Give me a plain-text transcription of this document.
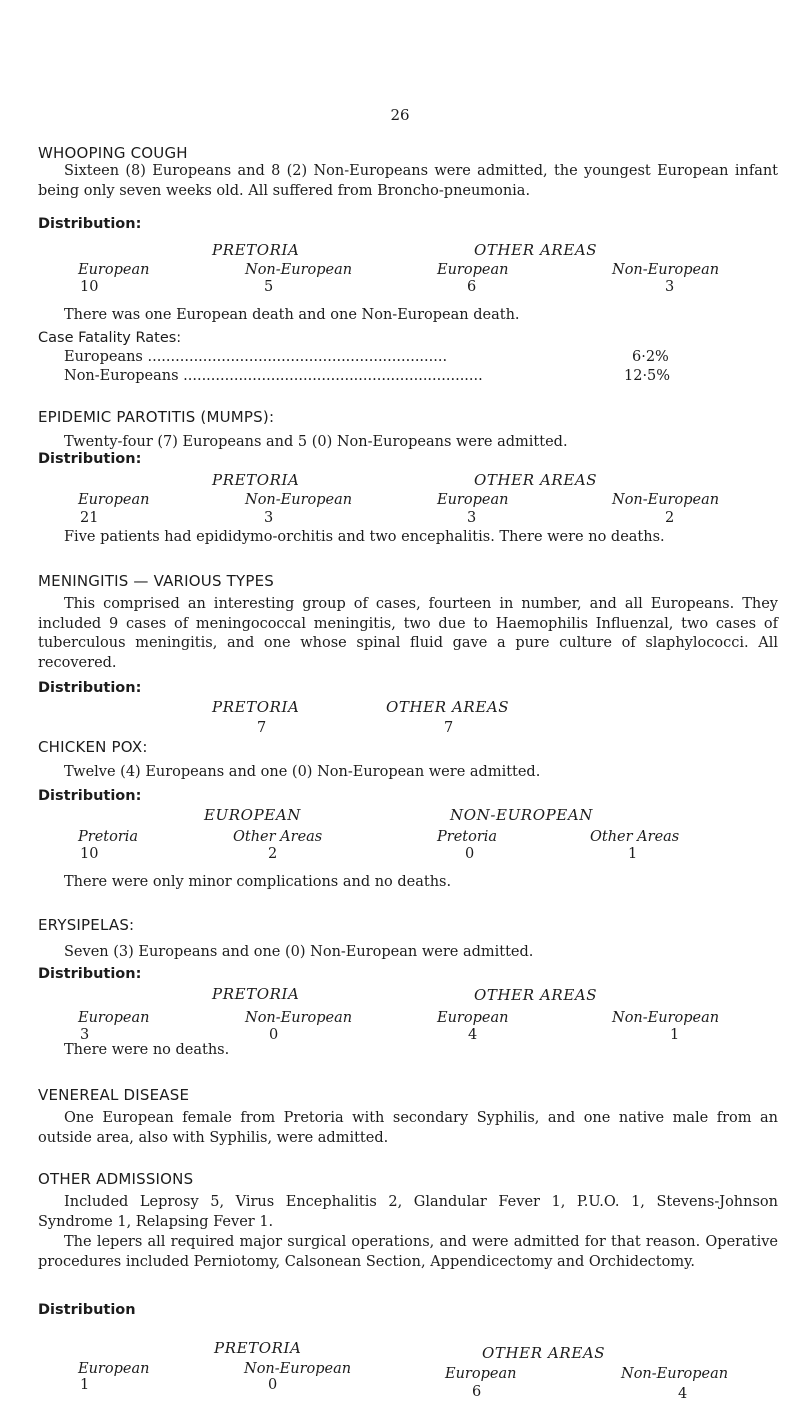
26
WHOOPING COUGH
Sixteen (8) Europeans and 8 (2) Non-Europeans were admitted, the youngest European infant being only seven weeks old. All suffered from Broncho-pneumonia.
Distribution:
PRETORIA	OTHER AREAS
European	Non-European	European	Non-European
10	5	6	3
There was one European death and one Non-European death.
Case Fatality Rates:
Europeans .................................................................	6·2%
Non-Europeans .................................................................	12·5%
EPIDEMIC PAROTITIS (MUMPS):
Twenty-four (7) Europeans and 5 (0) Non-Europeans were admitted.
Distribution:
PRETORIA	OTHER AREAS
European	Non-European	European	Non-European
21	3	3	2
Five patients had epididymo-orchitis and two encephalitis. There were no deaths.
MENINGITIS — VARIOUS TYPES
This comprised an interesting group of cases, fourteen in number, and all Europeans. They included 9 cases of meningococcal meningitis, two due to Haemophilis Influenzal, two cases of tuberculous meningitis, and one whose spinal fluid gave a pure culture of slaphylococci. All recovered.
Distribution:
PRETORIA	OTHER AREAS
7	7
CHICKEN POX:
Twelve (4) Europeans and one (0) Non-European were admitted.
Distribution:
EUROPEAN	NON-EUROPEAN
Pretoria	Other Areas	Pretoria	Other Areas
10	2	0	1
There were only minor complications and no deaths.
ERYSIPELAS:
Seven (3) Europeans and one (0) Non-European were admitted.
Distribution:
PRETORIA	OTHER AREAS
European	Non-European	European	Non-European
3	0	4	1
There were no deaths.
VENEREAL DISEASE
One European female from Pretoria with secondary Syphilis, and one native male from an outside area, also with Syphilis, were admitted.
OTHER ADMISSIONS
Included Leprosy 5, Virus Encephalitis 2, Glandular Fever 1, P.U.O. 1, Stevens-Johnson Syndrome 1, Relapsing Fever 1.
The lepers all required major surgical operations, and were admitted for that reason. Operative procedures included Perniotomy, Calsonean Section, Appendicectomy and Orchidectomy.
Distribution
PRETORIA	OTHER AREAS
European	Non-European	European	Non-European
1	0	6	4
